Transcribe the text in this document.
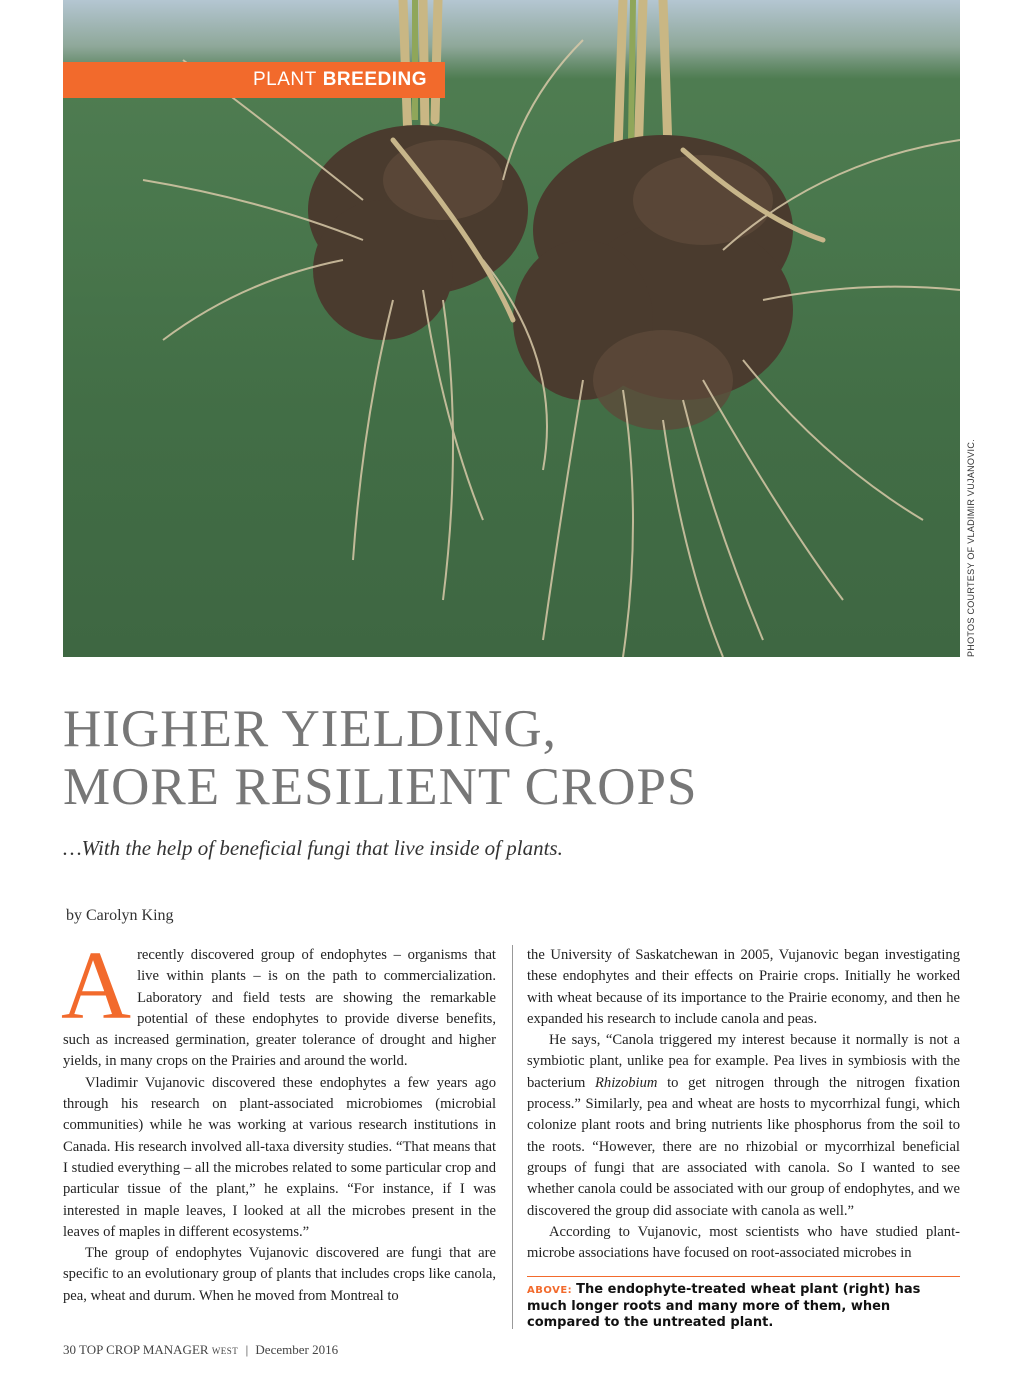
PLANT BREEDING
PHOTOS COURTESY OF VLADIMIR VUJANOVIC.
HIGHER YIELDING,
MORE RESILIENT CROPS
…With the help of beneficial fungi that live inside of plants.
by Carolyn King

Arecently discovered group of endophytes – organisms that live within plants – is on the path to commercialization. Laboratory and field tests are showing the remarkable potential of these endophytes to provide diverse benefits, such as increased germination, greater tolerance of drought and higher yields, in many crops on the Prairies and around the world.

Vladimir Vujanovic discovered these endophytes a few years ago through his research on plant-associated microbiomes (microbial communities) while he was working at various research institutions in Canada. His research involved all-taxa diversity studies. “That means that I studied everything – all the microbes related to some particular crop and particular tissue of the plant,” he explains. “For instance, if I was interested in maple leaves, I looked at all the microbes present in the leaves of maples in different ecosystems.”

The group of endophytes Vujanovic discovered are fungi that are specific to an evolutionary group of plants that includes crops like canola, pea, wheat and durum. When he moved from Montreal to

the University of Saskatchewan in 2005, Vujanovic began investigating these endophytes and their effects on Prairie crops. Initially he worked with wheat because of its importance to the Prairie economy, and then he expanded his research to include canola and peas.

He says, “Canola triggered my interest because it normally is not a symbiotic plant, unlike pea for example. Pea lives in symbiosis with the bacterium Rhizobium to get nitrogen through the nitrogen fixation process.” Similarly, pea and wheat are hosts to mycorrhizal fungi, which colonize plant roots and bring nutrients like phosphorus from the soil to the roots. “However, there are no rhizobial or mycorrhizal beneficial groups of fungi that are associated with canola. So I wanted to see whether canola could be associated with our group of endophytes, and we discovered the group did associate with canola as well.”

According to Vujanovic, most scientists who have studied plant-microbe associations have focused on root-associated microbes in

ABOVE: The endophyte-treated wheat plant (right) has much longer roots and many more of them, when compared to the untreated plant.
30 TOP CROP MANAGER WEST | December 2016
